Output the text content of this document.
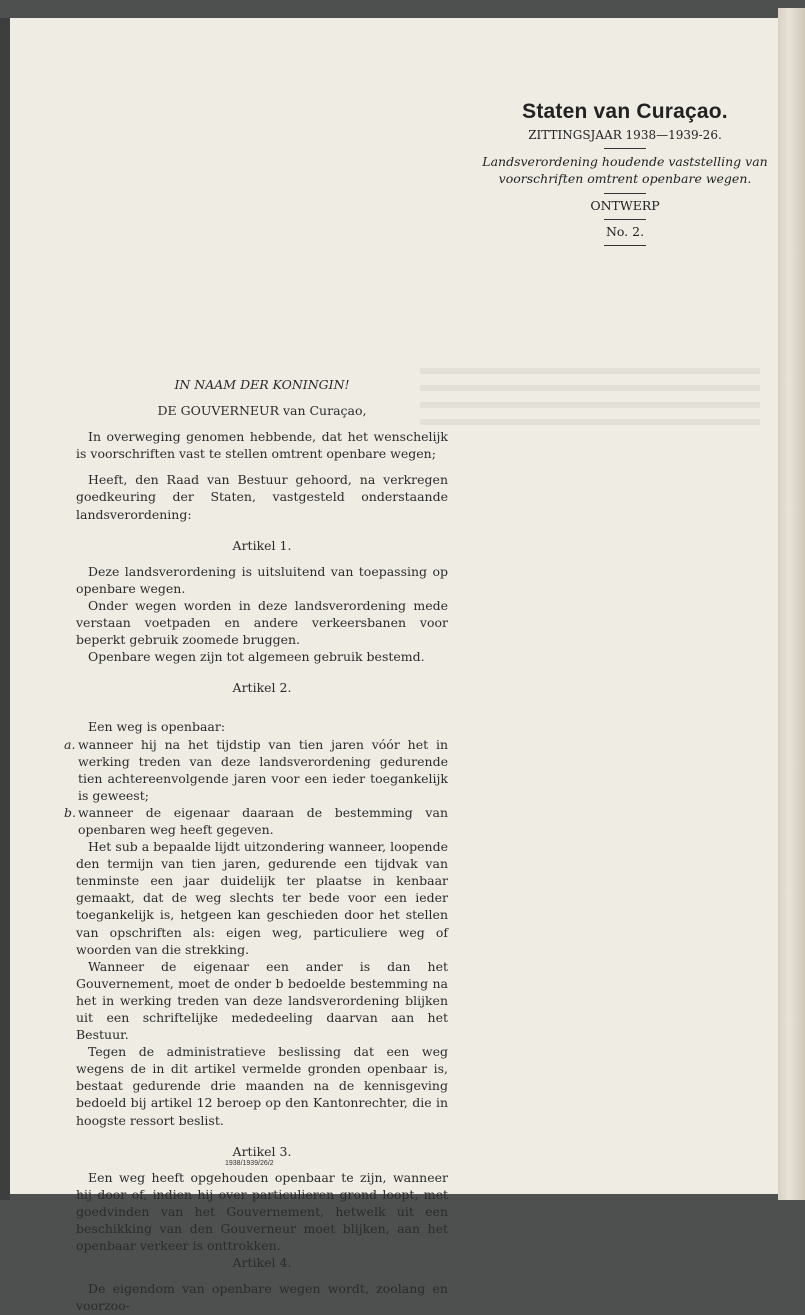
Staten van Curaçao.
ZITTINGSJAAR 1938—1939-26.
Landsverordening houdende vaststelling van
voorschriften omtrent openbare wegen.
ONTWERP
No. 2.

IN NAAM DER KONINGIN!

DE GOUVERNEUR van Curaçao,

In overweging genomen hebbende, dat het wenschelijk is voorschriften vast te stellen omtrent openbare wegen;

Heeft, den Raad van Bestuur gehoord, na verkregen goedkeuring der Staten, vastgesteld onderstaande landsverordening:

Artikel 1.

Deze landsverordening is uitsluitend van toepassing op openbare wegen.

Onder wegen worden in deze landsverordening mede verstaan voetpaden en andere verkeersbanen voor beperkt gebruik zoomede bruggen.

Openbare wegen zijn tot algemeen gebruik bestemd.

Artikel 2.

Een weg is openbaar:

a. wanneer hij na het tijdstip van tien jaren vóór het in werking treden van deze landsverordening gedurende tien achtereenvolgende jaren voor een ieder toegankelijk is geweest;
b. wanneer de eigenaar daaraan de bestemming van openbaren weg heeft gegeven.

Het sub a bepaalde lijdt uitzondering wanneer, loopende den termijn van tien jaren, gedurende een tijdvak van tenminste een jaar duidelijk ter plaatse in kenbaar gemaakt, dat de weg slechts ter bede voor een ieder toegankelijk is, hetgeen kan geschieden door het stellen van opschriften als: eigen weg, particuliere weg of woorden van die strekking.

Wanneer de eigenaar een ander is dan het Gouvernement, moet de onder b bedoelde bestemming na het in werking treden van deze landsverordening blijken uit een schriftelijke mededeeling daarvan aan het Bestuur.

Tegen de administratieve beslissing dat een weg wegens de in dit artikel vermelde gronden openbaar is, bestaat gedurende drie maanden na de kennisgeving bedoeld bij artikel 12 beroep op den Kantonrechter, die in hoogste ressort beslist.

Artikel 3.

Een weg heeft opgehouden openbaar te zijn, wanneer hij door of, indien hij over particulieren grond loopt, met goedvinden van het Gouvernement, hetwelk uit een beschikking van den Gouverneur moet blijken, aan het openbaar verkeer is onttrokken.

Artikel 4.

De eigendom van openbare wegen wordt, zoolang en voorzoo-

1938/1939/26/2
